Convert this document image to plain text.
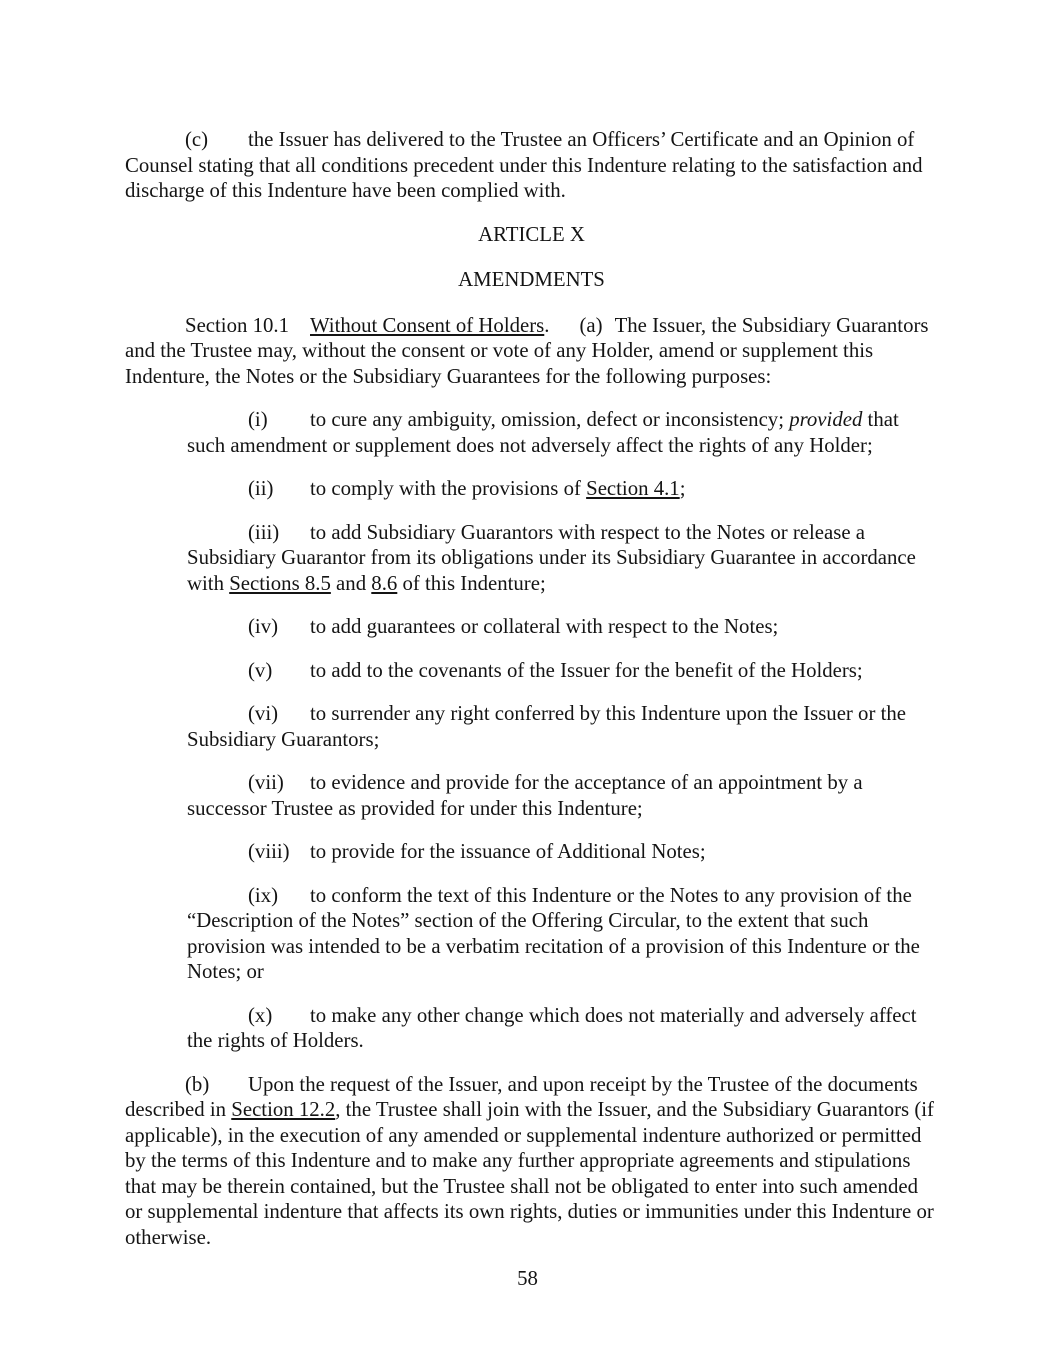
(c) the Issuer has delivered to the Trustee an Officers’ Certificate and an Opinion of Counsel stating that all conditions precedent under this Indenture relating to the satisfaction and discharge of this Indenture have been complied with.

ARTICLE X
AMENDMENTS

Section 10.1 Without Consent of Holders. (a) The Issuer, the Subsidiary Guarantors and the Trustee may, without the consent or vote of any Holder, amend or supplement this Indenture, the Notes or the Subsidiary Guarantees for the following purposes:

(i) to cure any ambiguity, omission, defect or inconsistency; provided that such amendment or supplement does not adversely affect the rights of any Holder;

(ii) to comply with the provisions of Section 4.1;

(iii) to add Subsidiary Guarantors with respect to the Notes or release a Subsidiary Guarantor from its obligations under its Subsidiary Guarantee in accordance with Sections 8.5 and 8.6 of this Indenture;

(iv) to add guarantees or collateral with respect to the Notes;

(v) to add to the covenants of the Issuer for the benefit of the Holders;

(vi) to surrender any right conferred by this Indenture upon the Issuer or the Subsidiary Guarantors;

(vii) to evidence and provide for the acceptance of an appointment by a successor Trustee as provided for under this Indenture;

(viii) to provide for the issuance of Additional Notes;

(ix) to conform the text of this Indenture or the Notes to any provision of the “Description of the Notes” section of the Offering Circular, to the extent that such provision was intended to be a verbatim recitation of a provision of this Indenture or the Notes; or

(x) to make any other change which does not materially and adversely affect the rights of Holders.

(b) Upon the request of the Issuer, and upon receipt by the Trustee of the documents described in Section 12.2, the Trustee shall join with the Issuer, and the Subsidiary Guarantors (if applicable), in the execution of any amended or supplemental indenture authorized or permitted by the terms of this Indenture and to make any further appropriate agreements and stipulations that may be therein contained, but the Trustee shall not be obligated to enter into such amended or supplemental indenture that affects its own rights, duties or immunities under this Indenture or otherwise.

58
